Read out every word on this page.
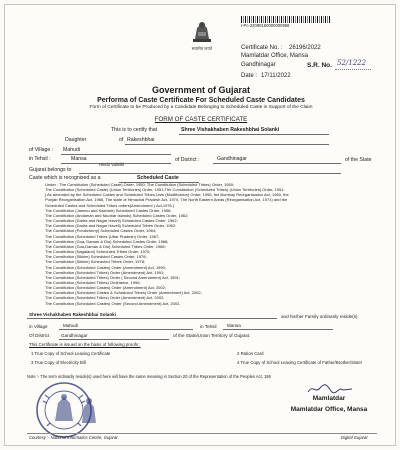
सत्यमेव जयते
I-Pc-22090160000000996
Certificate No. : 26196/2022
Mamlatdar Office, Mansa
Gandhinagar	S.R. No. 52/1222
Date : 17/11/2022
Government of Gujarat
Performa of Caste Certificate For Scheduled Caste Candidates
Form of Certificate to be Produced by a Candidate Belonging to Scheduled Caste in Support of the Claim
FORM OF CASTE CERTIFICATE
This is to certify that	Shree Vishakhaben Rakeshbhai Solanki
Daughter	of Rakeshbhai
of Village : Mahudi
in Tehsil :	Mansa	of District :	Gandhinagar	of the State
Hindu Valmiki
Gujarat belongs to
Caste which is recognised as a	Scheduled Caste
Under : The Constitution (Scheduled Caste) Order, 1950; The Constitution (Scheduled Tribes) Order, 1950;
The Constitution (Scheduled Caste) (Union Territories) Order, 1951;The Constitution (Scheduled Tribes) (Union Territories) Order, 1951;
[ As amended by the Scheduled Castes and Scheduled Tribes Lists (Modification) Order, 1956, the Bombay Reorganisation Act, 1960, the
Punjab Reorganisation Act, 1966, The state of Himachal Pradesh Act, 1970, The North Eastern Areas (Reorganisation Act, 1971) and the
Scheduled Castes and Scheduled Tribes orders(Amendment ) Act,1976 ]
The Constitution (Jammu and Kashmir) Scheduled Castes Order, 1956;
The Constitution (Andaman and Nicobar Islands) Scheduled Castes Order, 1962;
The Constitution (Dadra and Nagar Haveli) Scheduled Castes Order, 1962;
The Constitution (Dadra and Nagar Haveli) Scheduled Tribes Order, 1962;
The Constitution (Pondicherry) Scheduled Castes Order, 1964;
The Constitution (Scheduled Tribes (Uttar Pradesh) Order, 1967;
The Constitution (Goa, Daman & Diu) Scheduled Castes Order, 1968;
The Constitution (Goa,Daman & Diu) Scheduled Tribes Order, 1968;
The Constitution (Nagaland) Scheduled Tribes Order, 1970;
The Constitution (Sikkim) Scheduled Castes Order, 1978;
The Constitution (Sikkim) Scheduled Tribes Order, 1978;
The Constitution (Scheduled Castes) Order (Amendment) Act, 1990;
The Constitution (Scheduled Tribes) Order (Amendment) Act, 1991;
The Constitution (Scheduled Tribes) Order ( Second Amendment) Act, 1991;
The Constitution (Scheduled Tribes) Ordinance, 1996;
The Constitution (Scheduled Castes) Order (Amendment) Act, 2002;
The Constitution (Scheduled Castes & Scheduled Tribes) Order (Amendment) Act, 2002;
The Constitution (Scheduled Tribes) Order (Amendment) Act, 2002;
The Constitution (Scheduled Castes) Order (Second Amendment) Act, 2002.
Shree Vishakhaben Rakeshbhai Solanki	and his/her Family ordinarily reside(s)
in Village	Mahudi	in Tehsil Mansa
Of District	Gandhinagar	of the State/Union Territory of Gujarat.
This Certificate is issued on the basis of following proofs :
1 True Copy of School Leaving Certificate	2 Ration Card
3 True Copy of Electricity Bill	4 True Copy of School Leaving Certificate of Father/Brother/Sister
Note :- The term ordinarily reside(s) used here will have the same meaning in Section 20 of the Representation of the Peoples Act, 195
Mamlatdar
Mamlatdar Office, Mansa
Courtesy :- National Informatics Centre, Gujarat	Digital Gujarat
